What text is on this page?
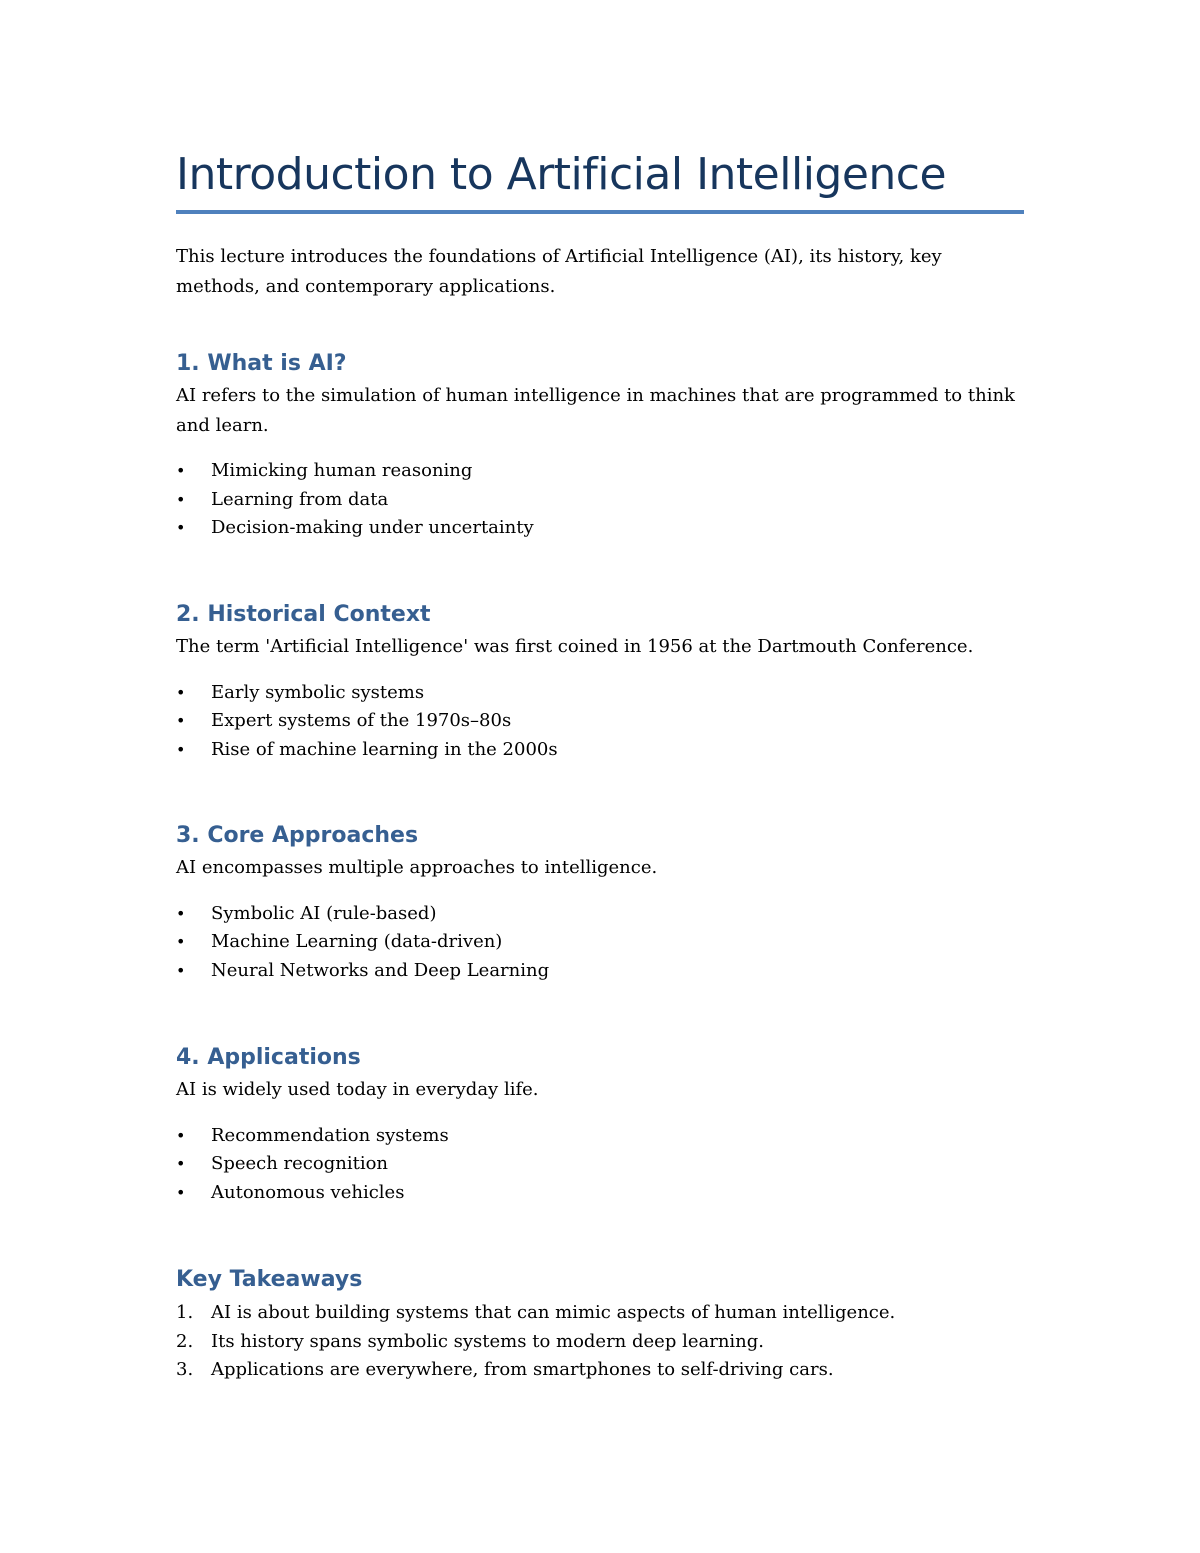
Introduction to Artificial Intelligence

This lecture introduces the foundations of Artificial Intelligence (AI), its history, key methods, and contemporary applications.

1. What is AI?

AI refers to the simulation of human intelligence in machines that are programmed to think and learn.

•	Mimicking human reasoning
•	Learning from data
•	Decision-making under uncertainty
2. Historical Context

The term 'Artificial Intelligence' was first coined in 1956 at the Dartmouth Conference.

•	Early symbolic systems
•	Expert systems of the 1970s–80s
•	Rise of machine learning in the 2000s
3. Core Approaches

AI encompasses multiple approaches to intelligence.

•	Symbolic AI (rule-based)
•	Machine Learning (data-driven)
•	Neural Networks and Deep Learning
4. Applications

AI is widely used today in everyday life.

•	Recommendation systems
•	Speech recognition
•	Autonomous vehicles
Key Takeaways
1. AI is about building systems that can mimic aspects of human intelligence.
2. Its history spans symbolic systems to modern deep learning.
3. Applications are everywhere, from smartphones to self-driving cars.
